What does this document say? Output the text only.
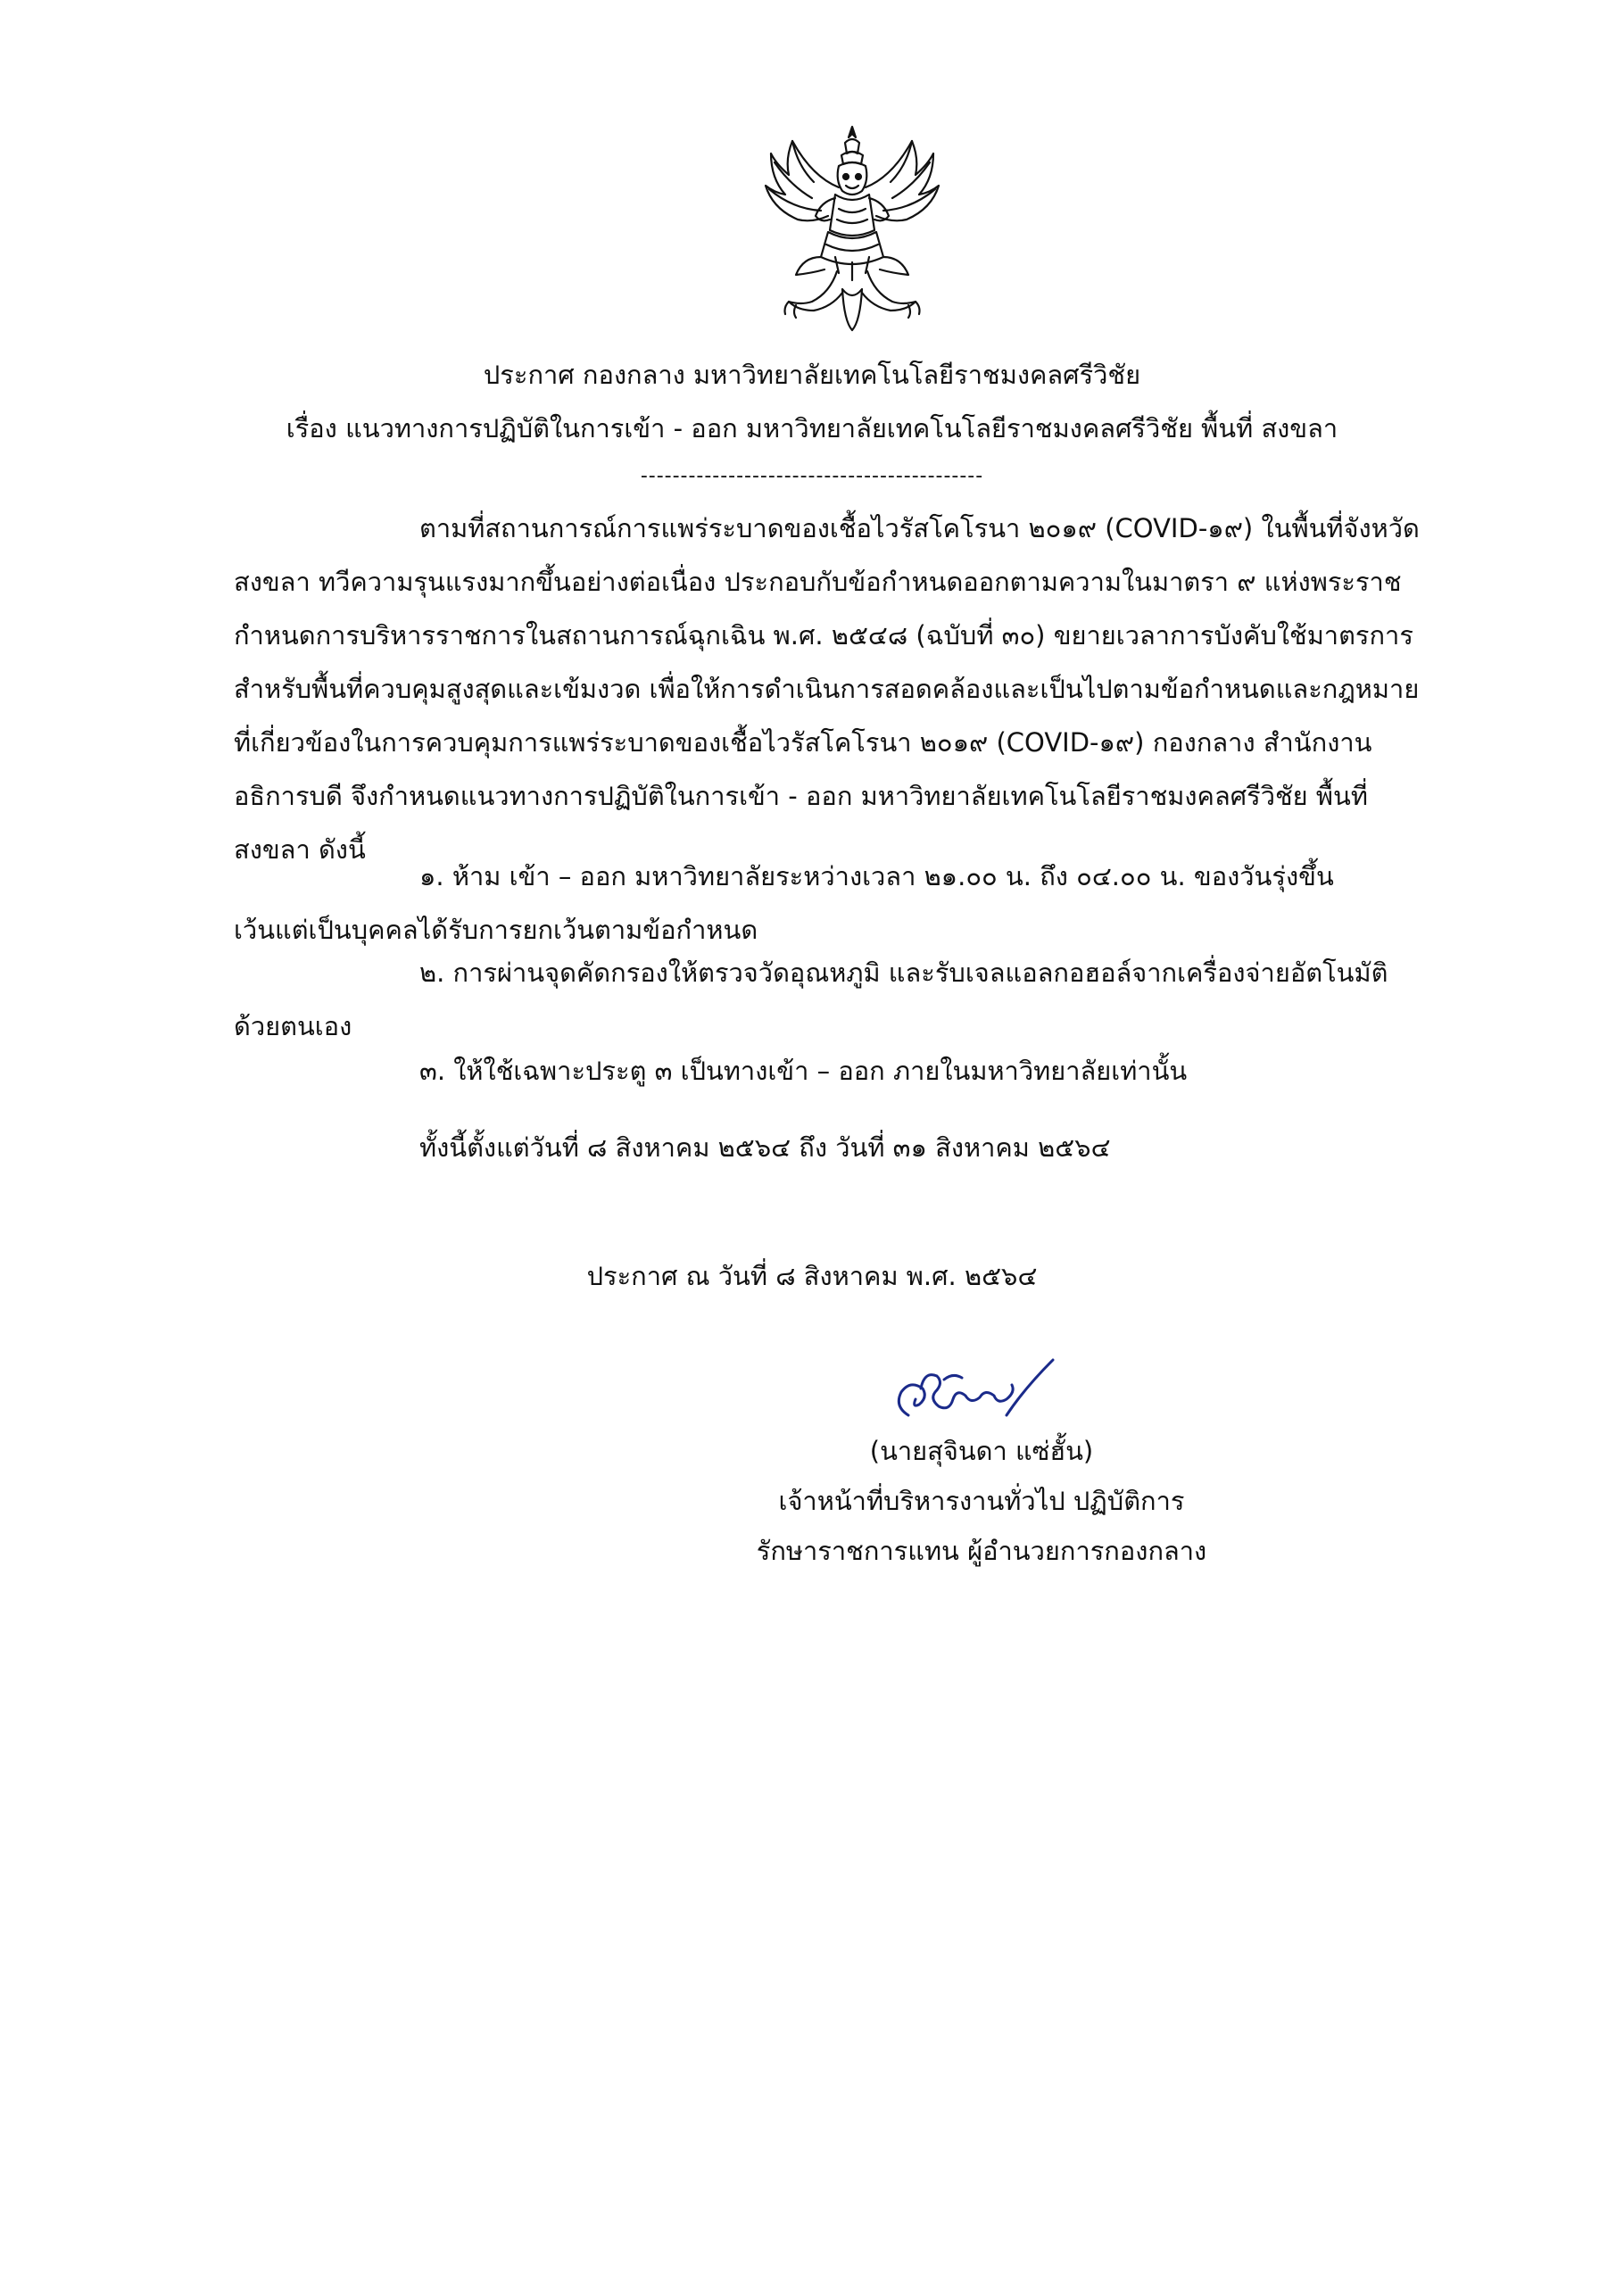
ประกาศ กองกลาง มหาวิทยาลัยเทคโนโลยีราชมงคลศรีวิชัย
เรื่อง แนวทางการปฏิบัติในการเข้า - ออก มหาวิทยาลัยเทคโนโลยีราชมงคลศรีวิชัย พื้นที่ สงขลา
-------------------------------------------
ตามที่สถานการณ์การแพร่ระบาดของเชื้อไวรัสโคโรนา ๒๐๑๙ (COVID-๑๙) ในพื้นที่จังหวัด
สงขลา ทวีความรุนแรงมากขึ้นอย่างต่อเนื่อง ประกอบกับข้อกำหนดออกตามความในมาตรา ๙ แห่งพระราช
กำหนดการบริหารราชการในสถานการณ์ฉุกเฉิน พ.ศ. ๒๕๔๘ (ฉบับที่ ๓๐) ขยายเวลาการบังคับใช้มาตรการ
สำหรับพื้นที่ควบคุมสูงสุดและเข้มงวด เพื่อให้การดำเนินการสอดคล้องและเป็นไปตามข้อกำหนดและกฎหมาย
ที่เกี่ยวข้องในการควบคุมการแพร่ระบาดของเชื้อไวรัสโคโรนา ๒๐๑๙ (COVID-๑๙) กองกลาง สำนักงาน
อธิการบดี จึงกำหนดแนวทางการปฏิบัติในการเข้า - ออก มหาวิทยาลัยเทคโนโลยีราชมงคลศรีวิชัย พื้นที่
สงขลา ดังนี้
๑. ห้าม เข้า – ออก มหาวิทยาลัยระหว่างเวลา ๒๑.๐๐ น. ถึง ๐๔.๐๐ น. ของวันรุ่งขึ้น
เว้นแต่เป็นบุคคลได้รับการยกเว้นตามข้อกำหนด
๒. การผ่านจุดคัดกรองให้ตรวจวัดอุณหภูมิ และรับเจลแอลกอฮอล์จากเครื่องจ่ายอัตโนมัติ
ด้วยตนเอง
๓. ให้ใช้เฉพาะประตู ๓ เป็นทางเข้า – ออก ภายในมหาวิทยาลัยเท่านั้น
ทั้งนี้ตั้งแต่วันที่ ๘ สิงหาคม ๒๕๖๔ ถึง วันที่ ๓๑ สิงหาคม ๒๕๖๔
ประกาศ ณ วันที่ ๘ สิงหาคม พ.ศ. ๒๕๖๔
(นายสุจินดา แซ่ฮั้น)
เจ้าหน้าที่บริหารงานทั่วไป ปฏิบัติการ
รักษาราชการแทน ผู้อำนวยการกองกลาง
